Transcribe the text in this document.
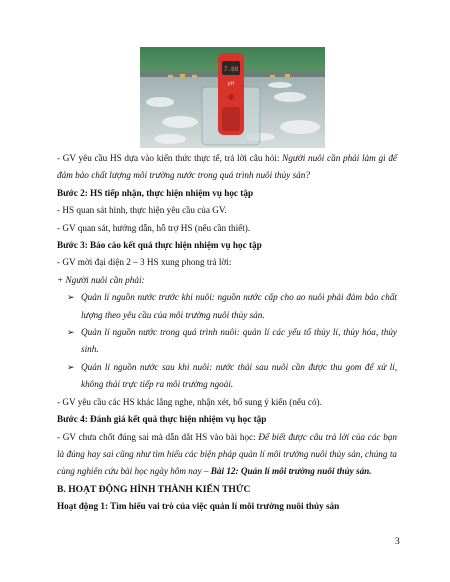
7.88
pH

- GV yêu cầu HS dựa vào kiến thức thực tế, trả lời câu hỏi: Người nuôi cần phải làm gì để đảm bảo chất lượng môi trường nước trong quá trình nuôi thủy sản?

Bước 2: HS tiếp nhận, thực hiện nhiệm vụ học tập

- HS quan sát hình, thực hiện yêu cầu của GV.

- GV quan sát, hướng dẫn, hỗ trợ HS (nếu cần thiết).

Bước 3: Báo cáo kết quả thực hiện nhiệm vụ học tập

- GV mời đại diện 2 – 3 HS xung phong trả lời:

+ Người nuôi cần phải:

➢ Quản lí nguồn nước trước khi nuôi: nguồn nước cấp cho ao nuôi phải đảm bảo chất lượng theo yêu cầu của môi trường nuôi thủy sản.
➢ Quản lí nguồn nước trong quá trình nuôi: quản lí các yếu tố thủy lí, thủy hóa, thủy sinh.
➢ Quản lí nguồn nước sau khi nuôi: nước thải sau nuôi cần được thu gom để xử lí, không thải trực tiếp ra môi trường ngoài.

- GV yêu cầu các HS khác lắng nghe, nhận xét, bổ sung ý kiến (nếu có).

Bước 4: Đánh giá kết quả thực hiện nhiệm vụ học tập

- GV chưa chốt đúng sai mà dẫn dắt HS vào bài học: Để biết được câu trả lời của các bạn là đúng hay sai cũng như tìm hiểu các biện pháp quản lí môi trường nuôi thủy sản, chúng ta cùng nghiên cứu bài học ngày hôm nay – Bài 12: Quản lí môi trường nuôi thủy sản.

B. HOẠT ĐỘNG HÌNH THÀNH KIẾN THỨC

Hoạt động 1: Tìm hiểu vai trò của việc quản lí môi trường nuôi thủy sản

3
